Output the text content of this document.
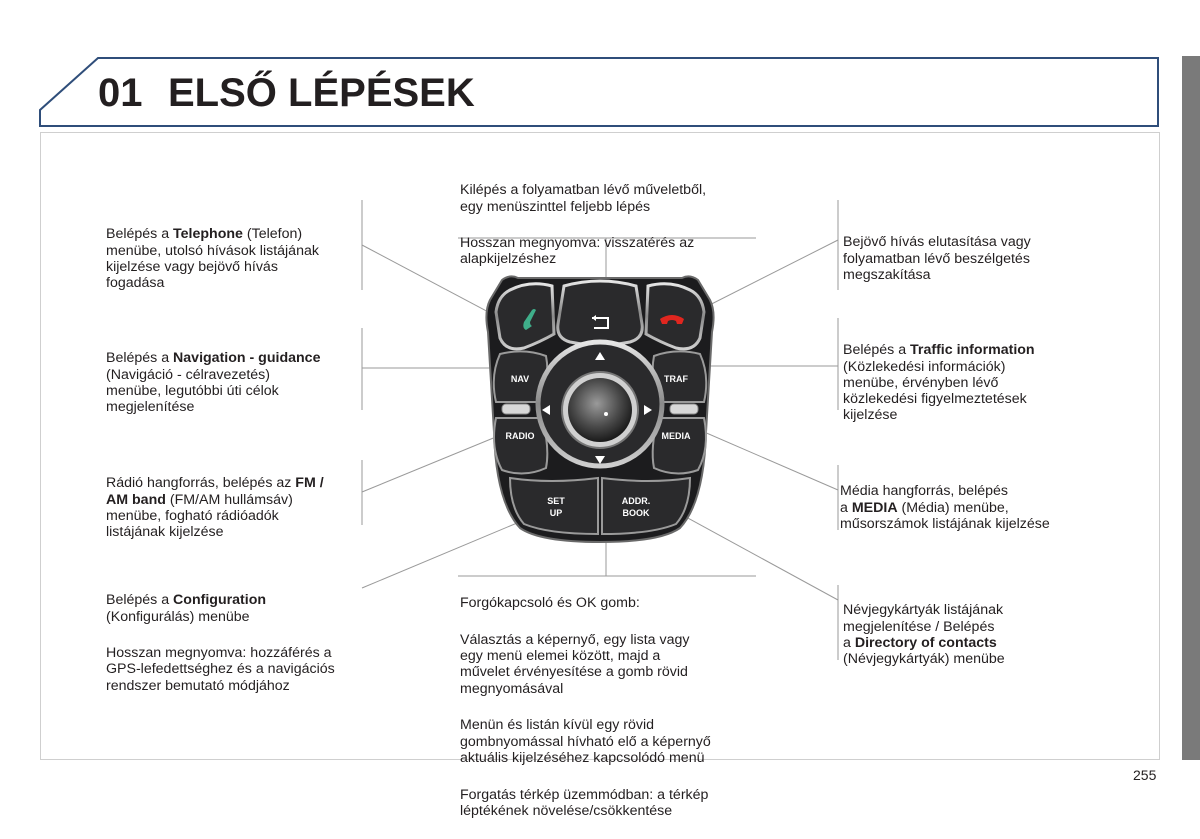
01 ELSŐ LÉPÉSEK

Belépés a Telephone (Telefon)
menübe, utolsó hívások listájának
kijelzése vagy bejövő hívás
fogadása

Belépés a Navigation - guidance
(Navigáció - célravezetés)
menübe, legutóbbi úti célok
megjelenítése

Rádió hangforrás, belépés az FM /
AM band (FM/AM hullámsáv)
menübe, fogható rádióadók
listájának kijelzése

Belépés a Configuration
(Konfigurálás) menübe

Hosszan megnyomva: hozzáférés a
GPS-lefedettséghez és a navigációs
rendszer bemutató módjához

Kilépés a folyamatban lévő műveletből,
egy menüszinttel feljebb lépés

Hosszan megnyomva: visszatérés az
alapkijelzéshez

Bejövő hívás elutasítása vagy
folyamatban lévő beszélgetés
megszakítása

Belépés a Traffic information
(Közlekedési információk)
menübe, érvényben lévő
közlekedési figyelmeztetések
kijelzése

Média hangforrás, belépés
a MEDIA (Média) menübe,
műsorszámok listájának kijelzése

Névjegykártyák listájának
megjelenítése / Belépés
a Directory of contacts
(Névjegykártyák) menübe

Forgókapcsoló és OK gomb:

Választás a képernyő, egy lista vagy
egy menü elemei között, majd a
művelet érvényesítése a gomb rövid
megnyomásával

Menün és listán kívül egy rövid
gombnyomással hívható elő a képernyő
aktuális kijelzéséhez kapcsolódó menü

Forgatás térkép üzemmódban: a térkép
léptékének növelése/csökkentése

NAV	TRAF
RADIO	MEDIA
SET
UP
ADDR.
BOOK
255
